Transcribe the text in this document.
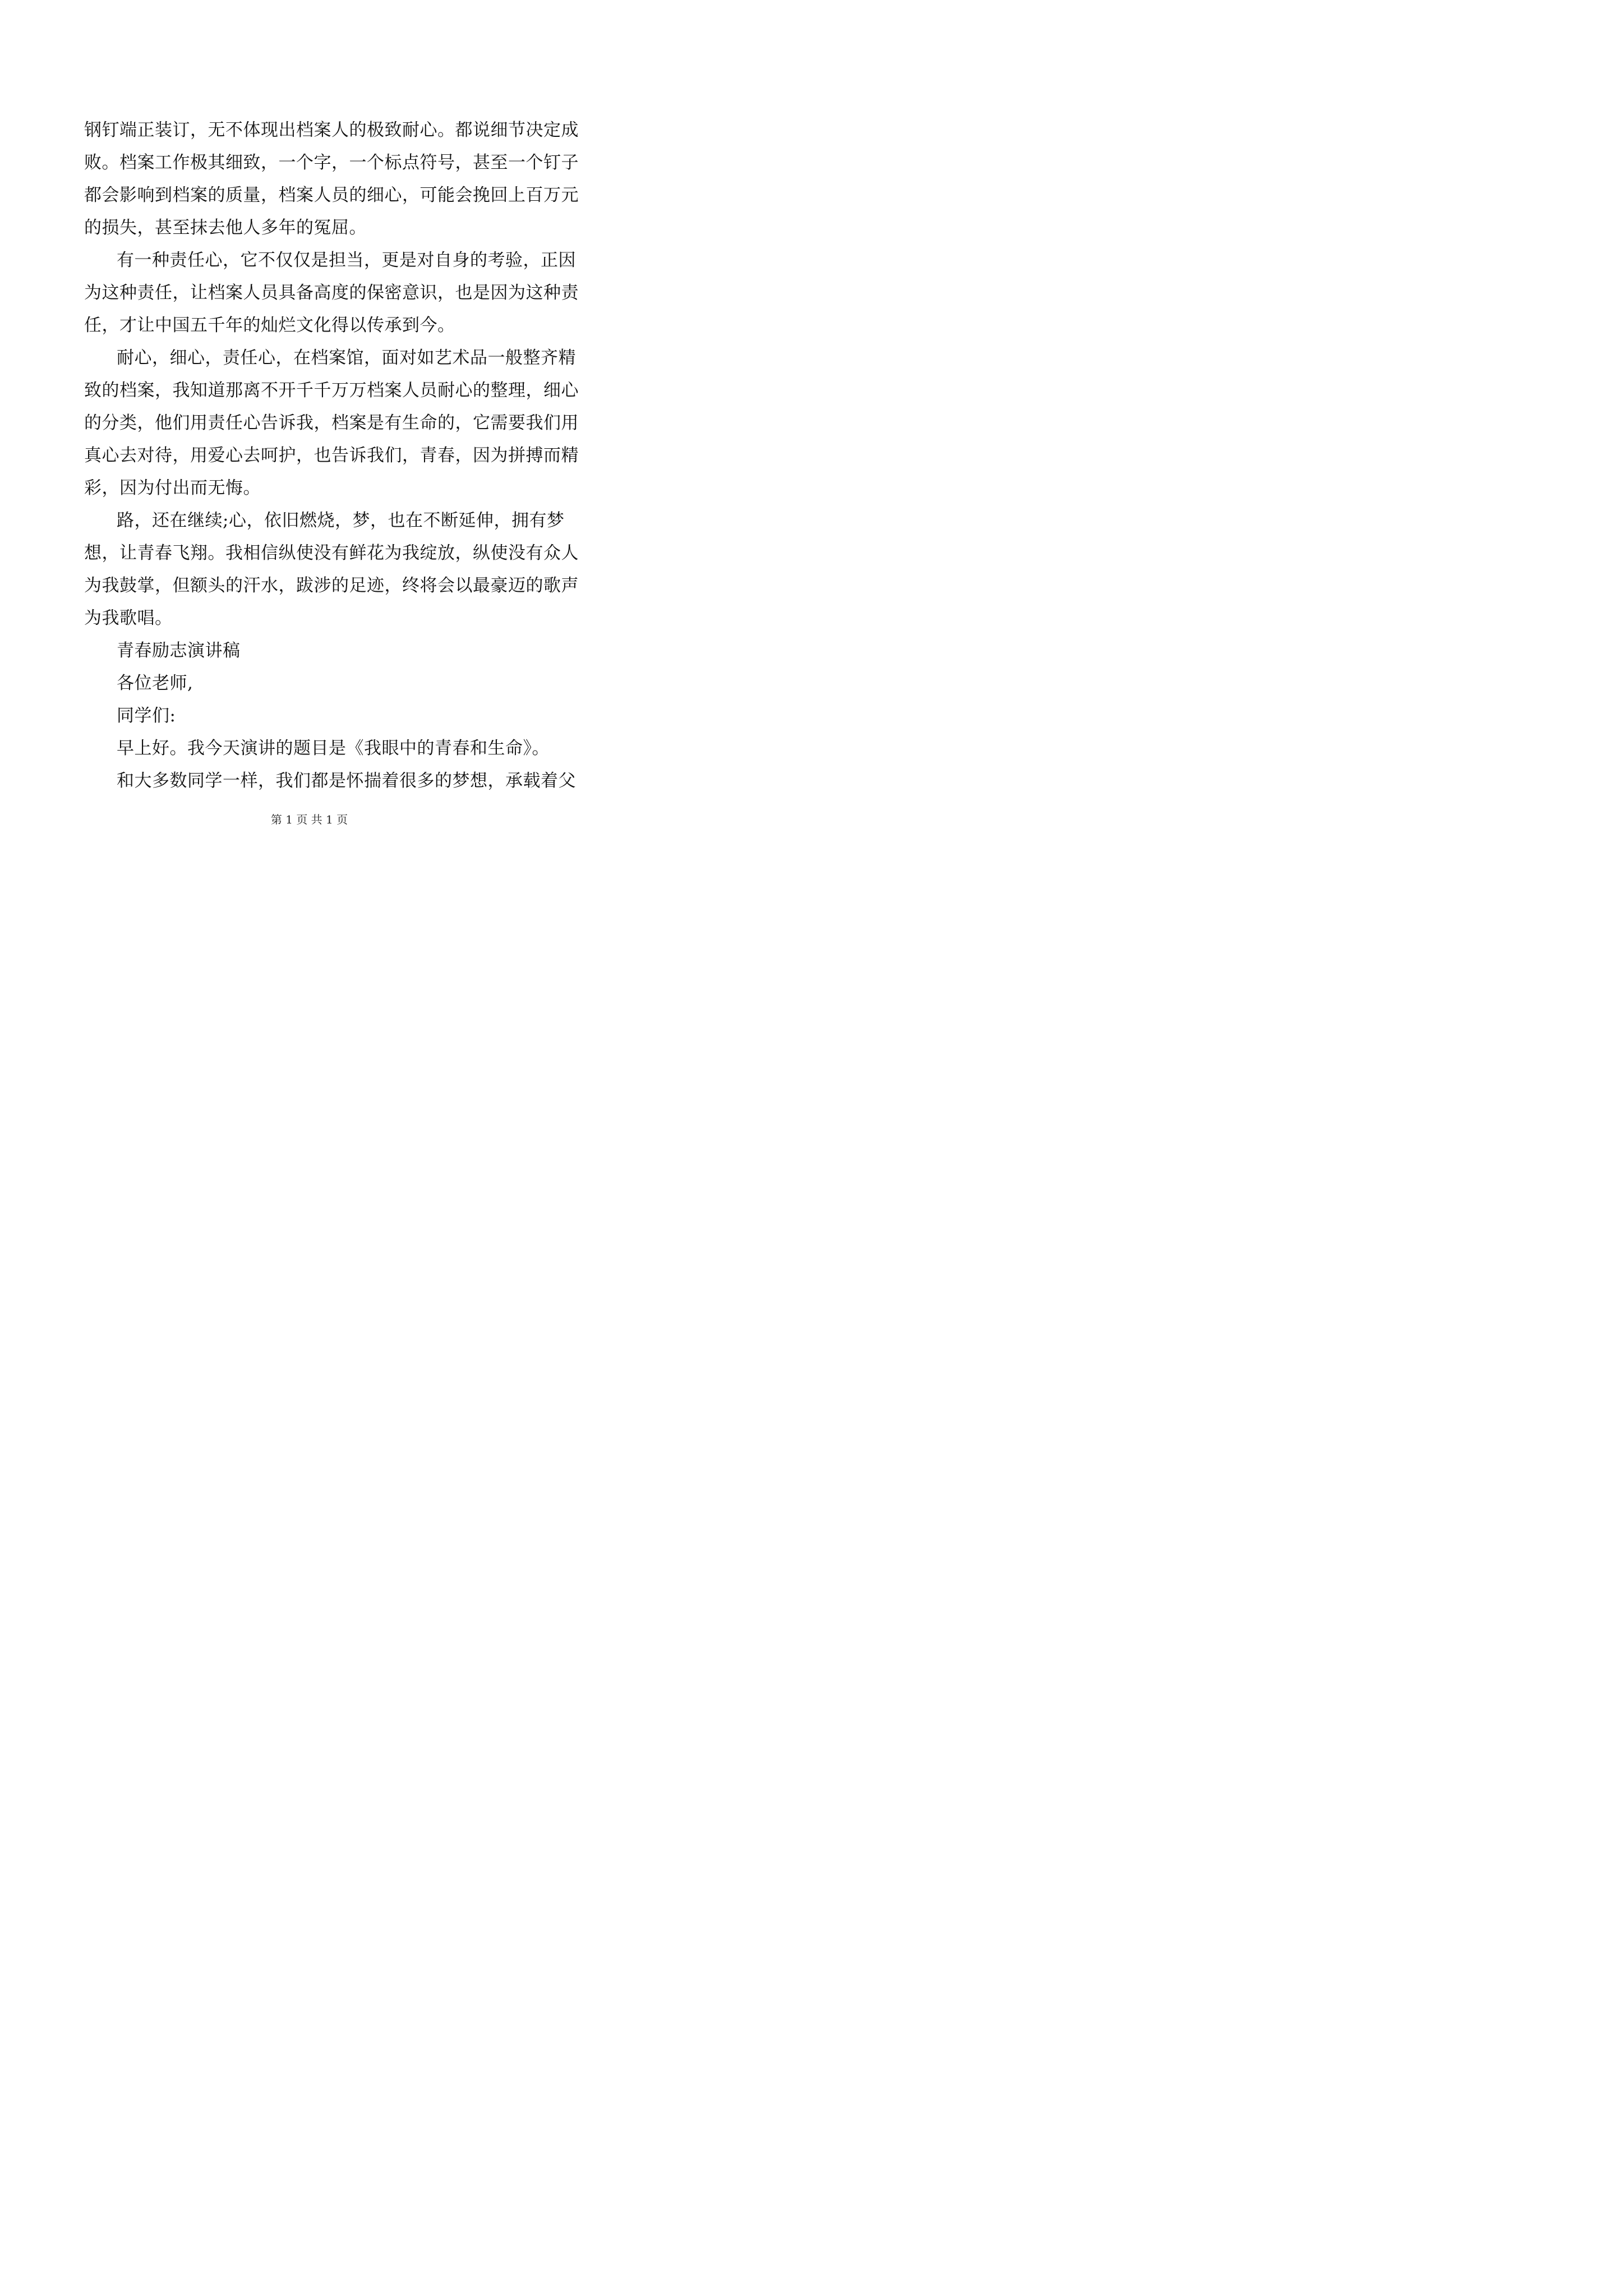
钢钉端正装订，无不体现出档案人的极致耐心。都说细节决定成
败。档案工作极其细致，一个字，一个标点符号，甚至一个钉子
都会影响到档案的质量，档案人员的细心，可能会挽回上百万元
的损失，甚至抹去他人多年的冤屈。
有一种责任心，它不仅仅是担当，更是对自身的考验，正因
为这种责任，让档案人员具备高度的保密意识，也是因为这种责
任，才让中国五千年的灿烂文化得以传承到今。
耐心，细心，责任心，在档案馆，面对如艺术品一般整齐精
致的档案，我知道那离不开千千万万档案人员耐心的整理，细心
的分类，他们用责任心告诉我，档案是有生命的，它需要我们用
真心去对待，用爱心去呵护，也告诉我们，青春，因为拼搏而精
彩，因为付出而无悔。
路，还在继续;心，依旧燃烧，梦，也在不断延伸，拥有梦
想，让青春飞翔。我相信纵使没有鲜花为我绽放，纵使没有众人
为我鼓掌，但额头的汗水，跋涉的足迹，终将会以最豪迈的歌声
为我歌唱。
青春励志演讲稿
各位老师,
同学们:
早上好。我今天演讲的题目是《我眼中的青春和生命》。
和大多数同学一样，我们都是怀揣着很多的梦想，承载着父
第 1 页 共 1 页
